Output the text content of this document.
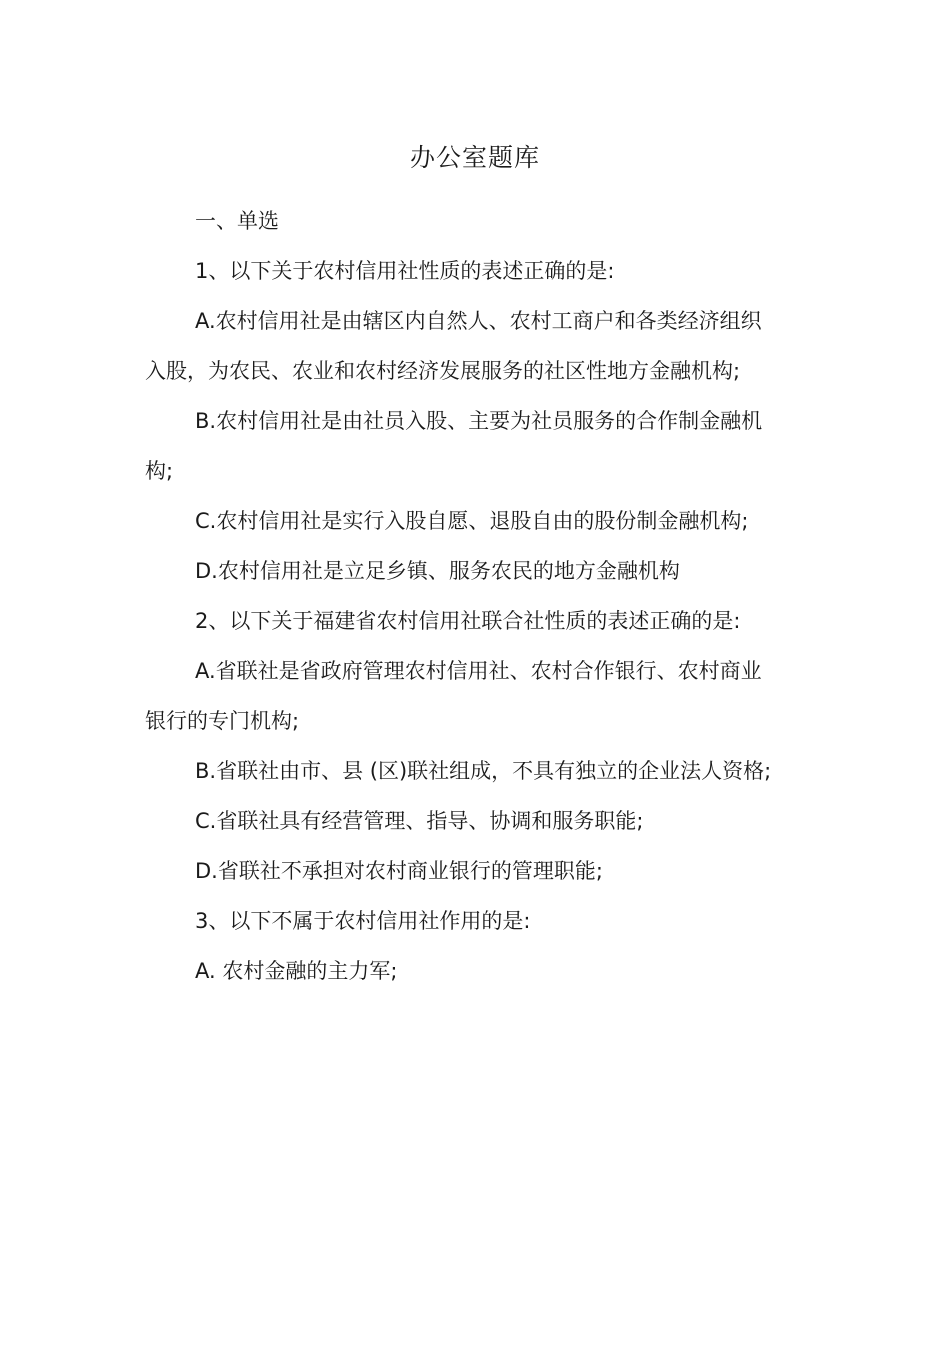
办公室题库

一、单选

1、以下关于农村信用社性质的表述正确的是:

A.农村信用社是由辖区内自然人、农村工商户和各类经济组织入股，为农民、农业和农村经济发展服务的社区性地方金融机构;

B.农村信用社是由社员入股、主要为社员服务的合作制金融机构;

C.农村信用社是实行入股自愿、退股自由的股份制金融机构;

D.农村信用社是立足乡镇、服务农民的地方金融机构

2、以下关于福建省农村信用社联合社性质的表述正确的是:

A.省联社是省政府管理农村信用社、农村合作银行、农村商业银行的专门机构;

B.省联社由市、县 (区)联社组成，不具有独立的企业法人资格;

C.省联社具有经营管理、指导、协调和服务职能;

D.省联社不承担对农村商业银行的管理职能;

3、以下不属于农村信用社作用的是:

A. 农村金融的主力军;
